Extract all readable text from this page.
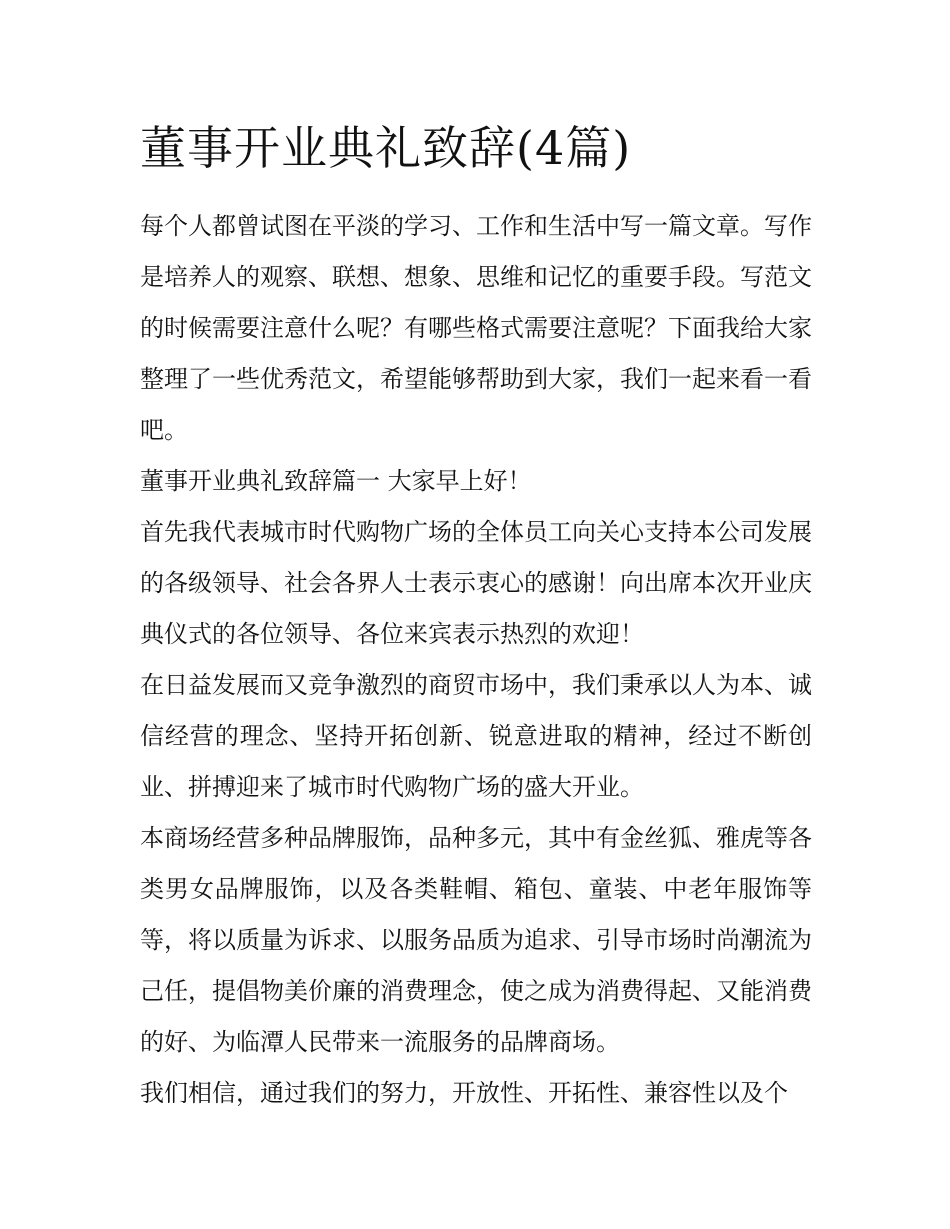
董事开业典礼致辞(4篇)

每个人都曾试图在平淡的学习、工作和生活中写一篇文章。写作是培养人的观察、联想、想象、思维和记忆的重要手段。写范文的时候需要注意什么呢？有哪些格式需要注意呢？下面我给大家整理了一些优秀范文，希望能够帮助到大家，我们一起来看一看吧。

董事开业典礼致辞篇一 大家早上好！

首先我代表城市时代购物广场的全体员工向关心支持本公司发展的各级领导、社会各界人士表示衷心的感谢！向出席本次开业庆典仪式的各位领导、各位来宾表示热烈的欢迎！

在日益发展而又竞争激烈的商贸市场中，我们秉承以人为本、诚信经营的理念、坚持开拓创新、锐意进取的精神，经过不断创业、拼搏迎来了城市时代购物广场的盛大开业。

本商场经营多种品牌服饰，品种多元，其中有金丝狐、雅虎等各类男女品牌服饰，以及各类鞋帽、箱包、童装、中老年服饰等等，将以质量为诉求、以服务品质为追求、引导市场时尚潮流为己任，提倡物美价廉的消费理念，使之成为消费得起、又能消费的好、为临潭人民带来一流服务的品牌商场。

我们相信，通过我们的努力，开放性、开拓性、兼容性以及个
